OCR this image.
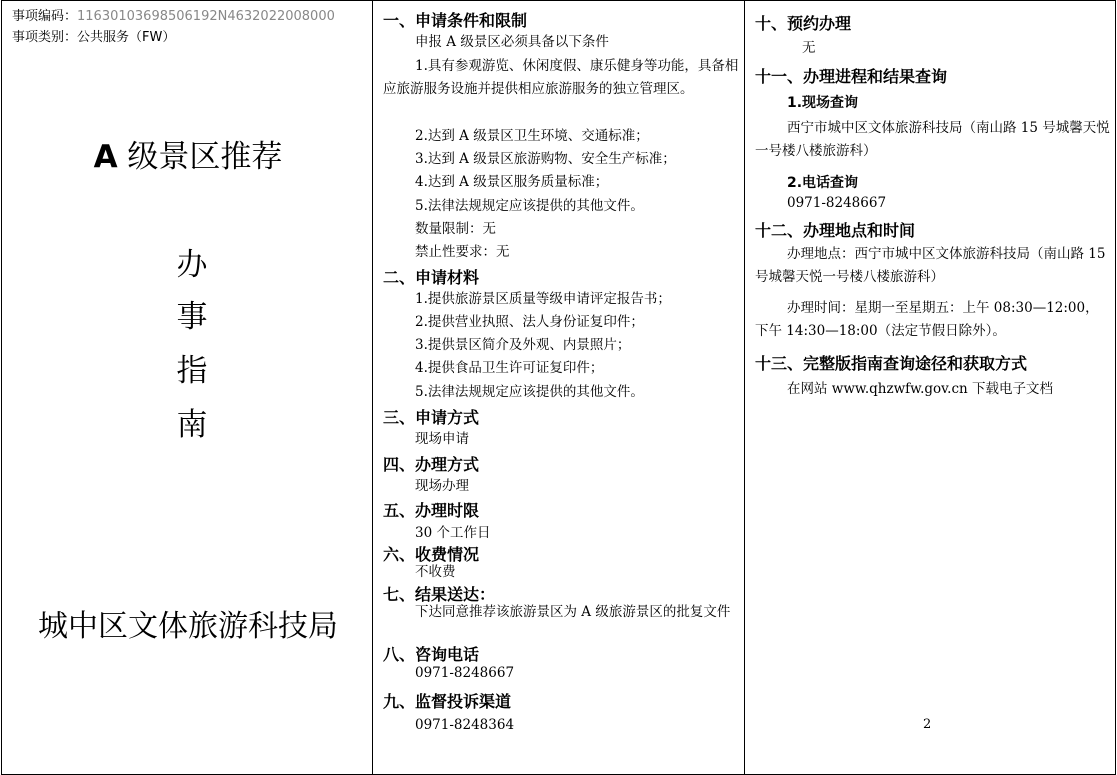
事项编码：11630103698506192N4632022008000
事项类别：公共服务（FW）
A 级景区推荐
办
事
指
南
城中区文体旅游科技局
一、申请条件和限制
申报 A 级景区必须具备以下条件
1.具有参观游览、休闲度假、康乐健身等功能，具备相应旅游服务设施并提供相应旅游服务的独立管理区。
2.达到 A 级景区卫生环境、交通标准；
3.达到 A 级景区旅游购物、安全生产标准；
4.达到 A 级景区服务质量标准；
5.法律法规规定应该提供的其他文件。
数量限制：无
禁止性要求：无
二、申请材料
1.提供旅游景区质量等级申请评定报告书；
2.提供营业执照、法人身份证复印件；
3.提供景区简介及外观、内景照片；
4.提供食品卫生许可证复印件；
5.法律法规规定应该提供的其他文件。
三、申请方式
现场申请
四、办理方式
现场办理
五、办理时限
30 个工作日
六、收费情况
不收费
七、结果送达：
下达同意推荐该旅游景区为 A 级旅游景区的批复文件
八、咨询电话
0971-8248667
九、监督投诉渠道
0971-8248364
十、预约办理
无
十一、办理进程和结果查询
1.现场查询
西宁市城中区文体旅游科技局（南山路 15 号城馨天悦一号楼八楼旅游科）
2.电话查询
0971-8248667
十二、办理地点和时间
办理地点：西宁市城中区文体旅游科技局（南山路 15 号城馨天悦一号楼八楼旅游科）
办理时间：星期一至星期五：上午 08:30—12:00，下午 14:30—18:00（法定节假日除外）。
十三、完整版指南查询途径和获取方式
在网站 www.qhzwfw.gov.cn 下载电子文档
2
